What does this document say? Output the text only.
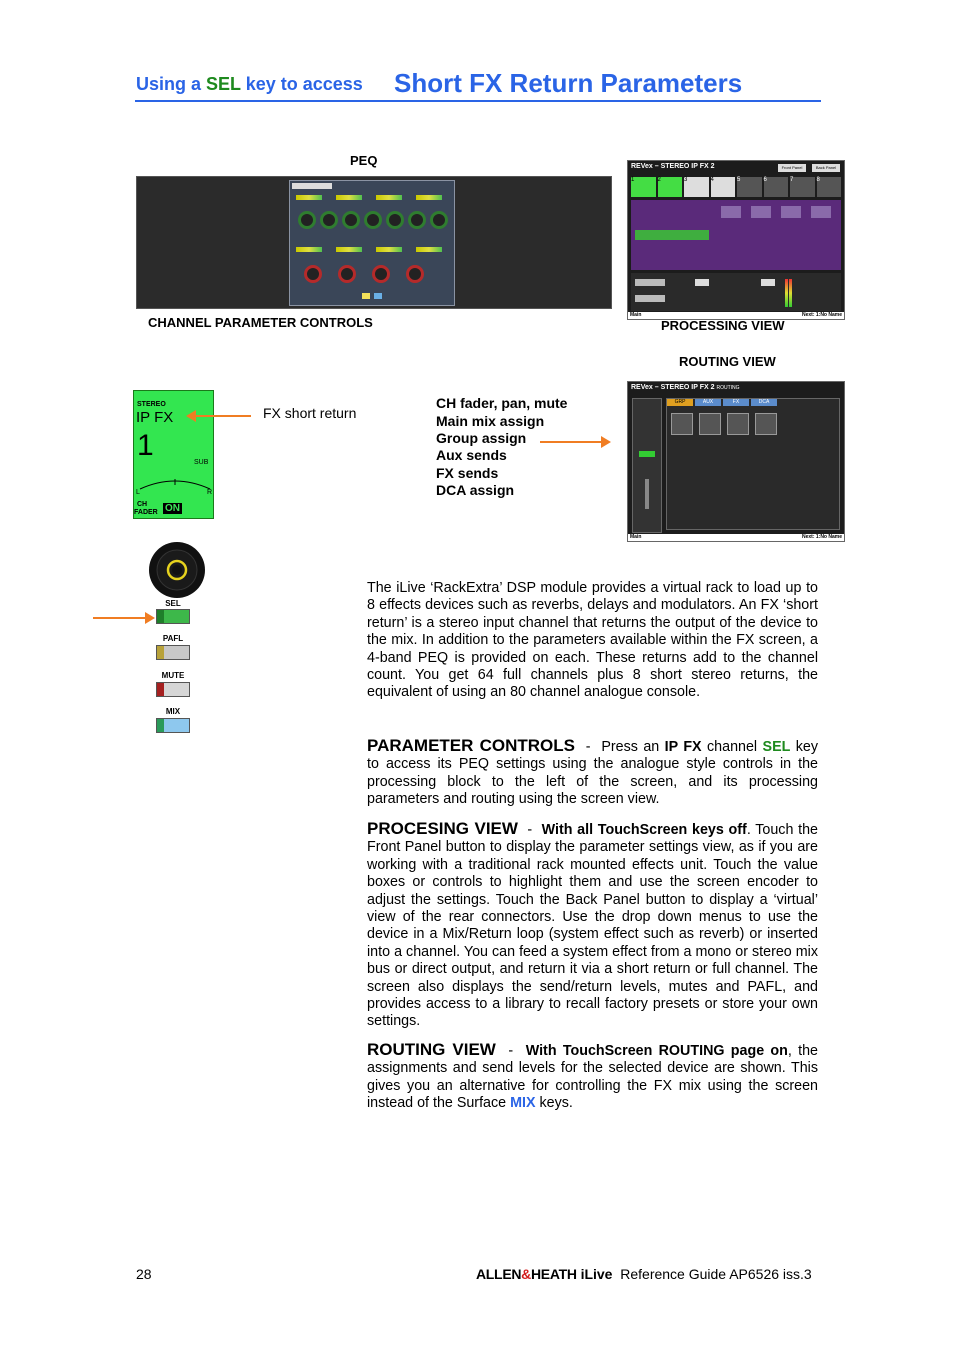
Using a SEL key to access Short FX Return Parameters
PEQ
CHANNEL PARAMETER CONTROLS
REVex – STEREO IP FX 2	Front Panel	Back Panel
1	2	3	4	5	6	7	8
Main	Next: 1:No Name
PROCESSING VIEW
ROUTING VIEW
REVex – STEREO IP FX 2 ROUTING
GRP	AUX	FX	DCA
Main	Next: 1:No Name
STEREO
IP FX
1
SUB
L	R
CH
FADER ON
FX short return
CH fader, pan, mute
Main mix assign
Group assign
Aux sends
FX sends
DCA assign
SEL
PAFL
MUTE
MIX
The iLive ‘RackExtra’ DSP module provides a virtual rack to load up to 8 effects devices such as reverbs, delays and modulators. An FX ‘short return’ is a stereo input channel that returns the output of the device to the mix. In addition to the parameters available within the FX screen, a 4-band PEQ is provided on each. These returns add to the channel count. You get 64 full channels plus 8 short stereo returns, the equivalent of using an 80 channel analogue console.
PARAMETER CONTROLS - Press an IP FX channel SEL key to access its PEQ settings using the analogue style controls in the processing block to the left of the screen, and its processing parameters and routing using the screen view.
PROCESING VIEW - With all TouchScreen keys off. Touch the Front Panel button to display the parameter settings view, as if you are working with a traditional rack mounted effects unit. Touch the value boxes or controls to highlight them and use the screen encoder to adjust the settings. Touch the Back Panel button to display a ‘virtual’ view of the rear connectors. Use the drop down menus to use the device in a Mix/Return loop (system effect such as reverb) or inserted into a channel. You can feed a system effect from a mono or stereo mix bus or direct output, and return it via a short return or full channel. The screen also displays the send/return levels, mutes and PAFL, and provides access to a library to recall factory presets or store your own settings.
ROUTING VIEW - With TouchScreen ROUTING page on, the assignments and send levels for the selected device are shown. This gives you an alternative for controlling the FX mix using the screen instead of the Surface MIX keys.
28	ALLEN&HEATH iLive Reference Guide AP6526 iss.3
